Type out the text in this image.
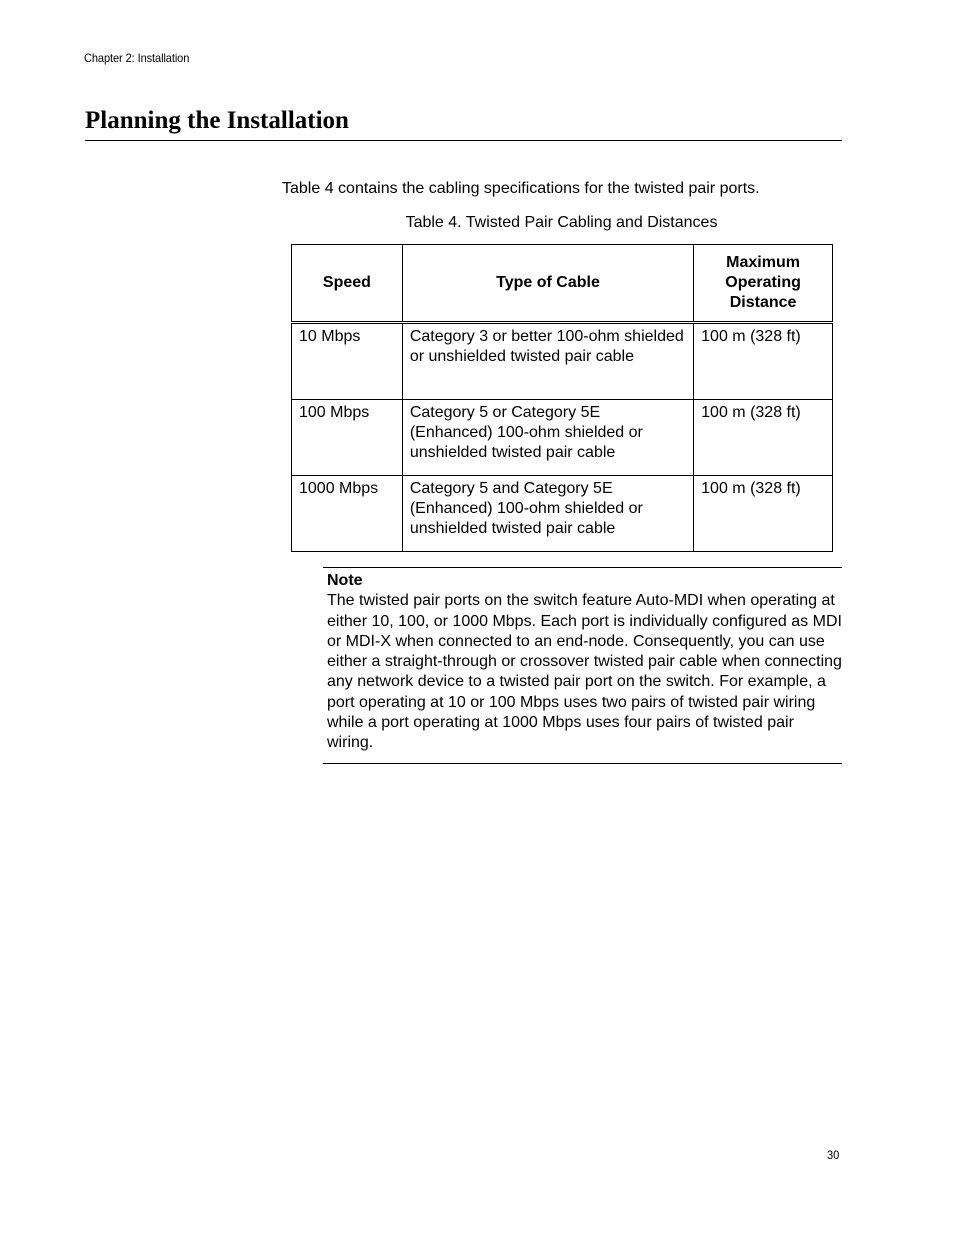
Chapter 2: Installation
Planning the Installation
Table 4 contains the cabling specifications for the twisted pair ports.
Table 4. Twisted Pair Cabling and Distances
Speed	Type of Cable	Maximum
Operating
Distance
10 Mbps	Category 3 or better 100-ohm shielded or unshielded twisted pair cable	100 m (328 ft)
100 Mbps	Category 5 or Category 5E (Enhanced) 100-ohm shielded or unshielded twisted pair cable	100 m (328 ft)
1000 Mbps	Category 5 and Category 5E (Enhanced) 100-ohm shielded or unshielded twisted pair cable	100 m (328 ft)
Note
The twisted pair ports on the switch feature Auto-MDI when operating at either 10, 100, or 1000 Mbps. Each port is individually configured as MDI or MDI-X when connected to an end-node. Consequently, you can use either a straight-through or crossover twisted pair cable when connecting any network device to a twisted pair port on the switch. For example, a port operating at 10 or 100 Mbps uses two pairs of twisted pair wiring while a port operating at 1000 Mbps uses four pairs of twisted pair wiring.
30
